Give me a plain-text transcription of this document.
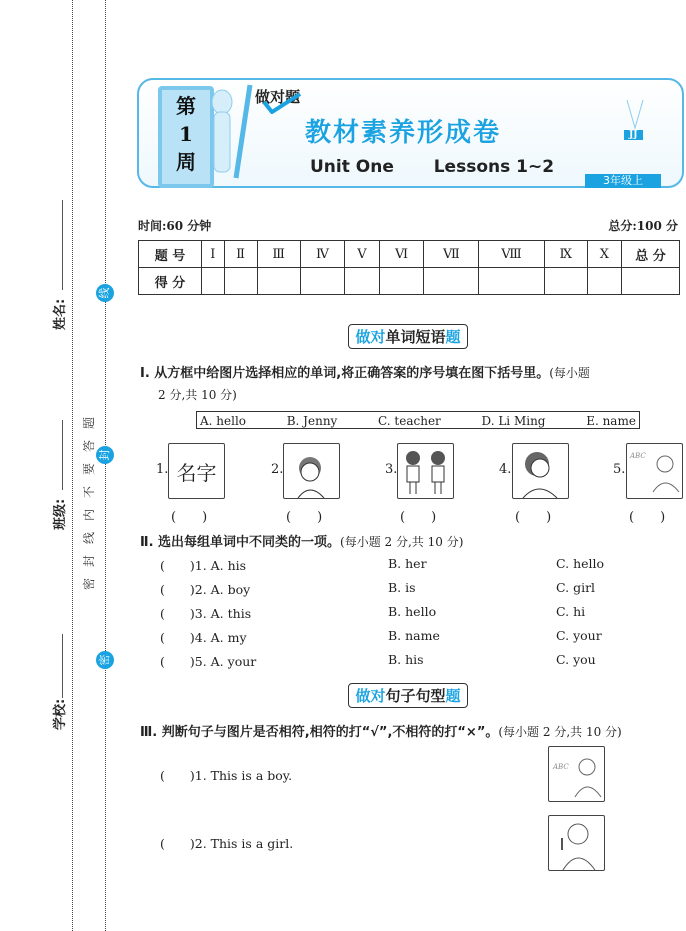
学校:
班级:
姓名:
密封线内不要答题
密
封
线
第
1
周
做对题
教材素养形成卷
Unit One Lessons 1~2
JJ
3年级上
时间:60 分钟	总分:100 分
题 号	Ⅰ	Ⅱ	Ⅲ	Ⅳ	Ⅴ	Ⅵ	Ⅶ	Ⅷ	Ⅸ	Ⅹ	总 分
得 分											
做对单词短语题
Ⅰ. 从方框中给图片选择相应的单词,将正确答案的序号填在图下括号里。(每小题
2 分,共 10 分)
A. hello	B. Jenny	C. teacher	D. Li Ming	E. name
1. 名字	2.	3.	4.	5.
ABC
(　　)	(　　)	(　　)	(　　)	(　　)
Ⅱ. 选出每组单词中不同类的一项。(每小题 2 分,共 10 分)
(　　)1. A. his	B. her	C. hello
(　　)2. A. boy	B. is	C. girl
(　　)3. A. this	B. hello	C. hi
(　　)4. A. my	B. name	C. your
(　　)5. A. your	B. his	C. you
做对句子句型题
Ⅲ. 判断句子与图片是否相符,相符的打“√”,不相符的打“×”。(每小题 2 分,共 10 分)
(　　)1. This is a boy.
(　　)2. This is a girl.
ABC
